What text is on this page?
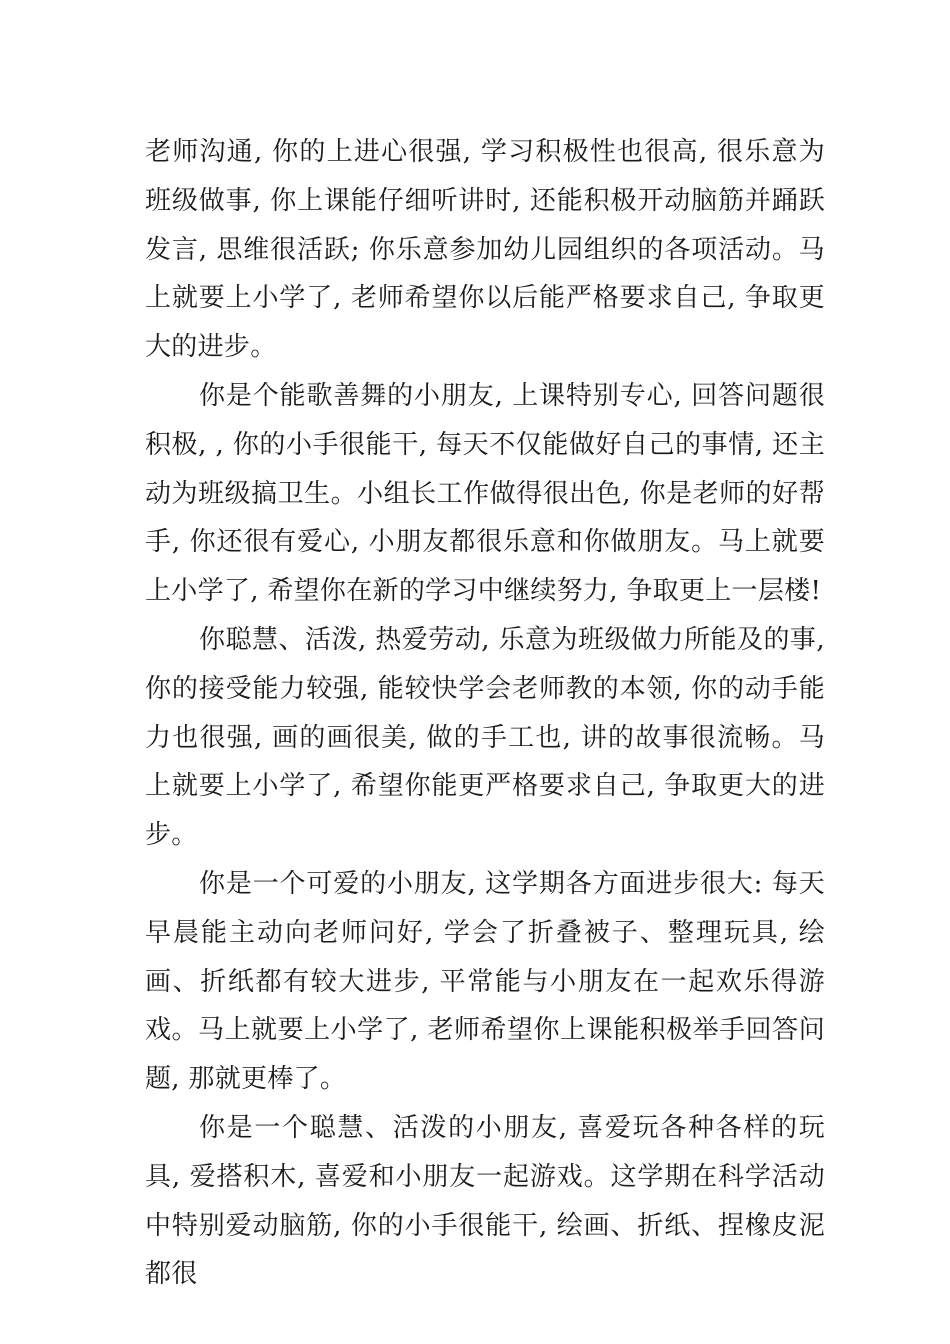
老师沟通, 你的上进心很强, 学习积极性也很高, 很乐意为班级做事, 你上课能仔细听讲时, 还能积极开动脑筋并踊跃发言, 思维很活跃; 你乐意参加幼儿园组织的各项活动。马上就要上小学了, 老师希望你以后能严格要求自己, 争取更大的进步。

你是个能歌善舞的小朋友, 上课特别专心, 回答问题很积极, , 你的小手很能干, 每天不仅能做好自己的事情, 还主动为班级搞卫生。小组长工作做得很出色, 你是老师的好帮手, 你还很有爱心, 小朋友都很乐意和你做朋友。马上就要上小学了, 希望你在新的学习中继续努力, 争取更上一层楼!

你聪慧、活泼, 热爱劳动, 乐意为班级做力所能及的事, 你的接受能力较强, 能较快学会老师教的本领, 你的动手能力也很强, 画的画很美, 做的手工也, 讲的故事很流畅。马上就要上小学了, 希望你能更严格要求自己, 争取更大的进步。

你是一个可爱的小朋友, 这学期各方面进步很大: 每天早晨能主动向老师问好, 学会了折叠被子、整理玩具, 绘画、折纸都有较大进步, 平常能与小朋友在一起欢乐得游戏。马上就要上小学了, 老师希望你上课能积极举手回答问题, 那就更棒了。

你是一个聪慧、活泼的小朋友, 喜爱玩各种各样的玩具, 爱搭积木, 喜爱和小朋友一起游戏。这学期在科学活动中特别爱动脑筋, 你的小手很能干, 绘画、折纸、捏橡皮泥都很
